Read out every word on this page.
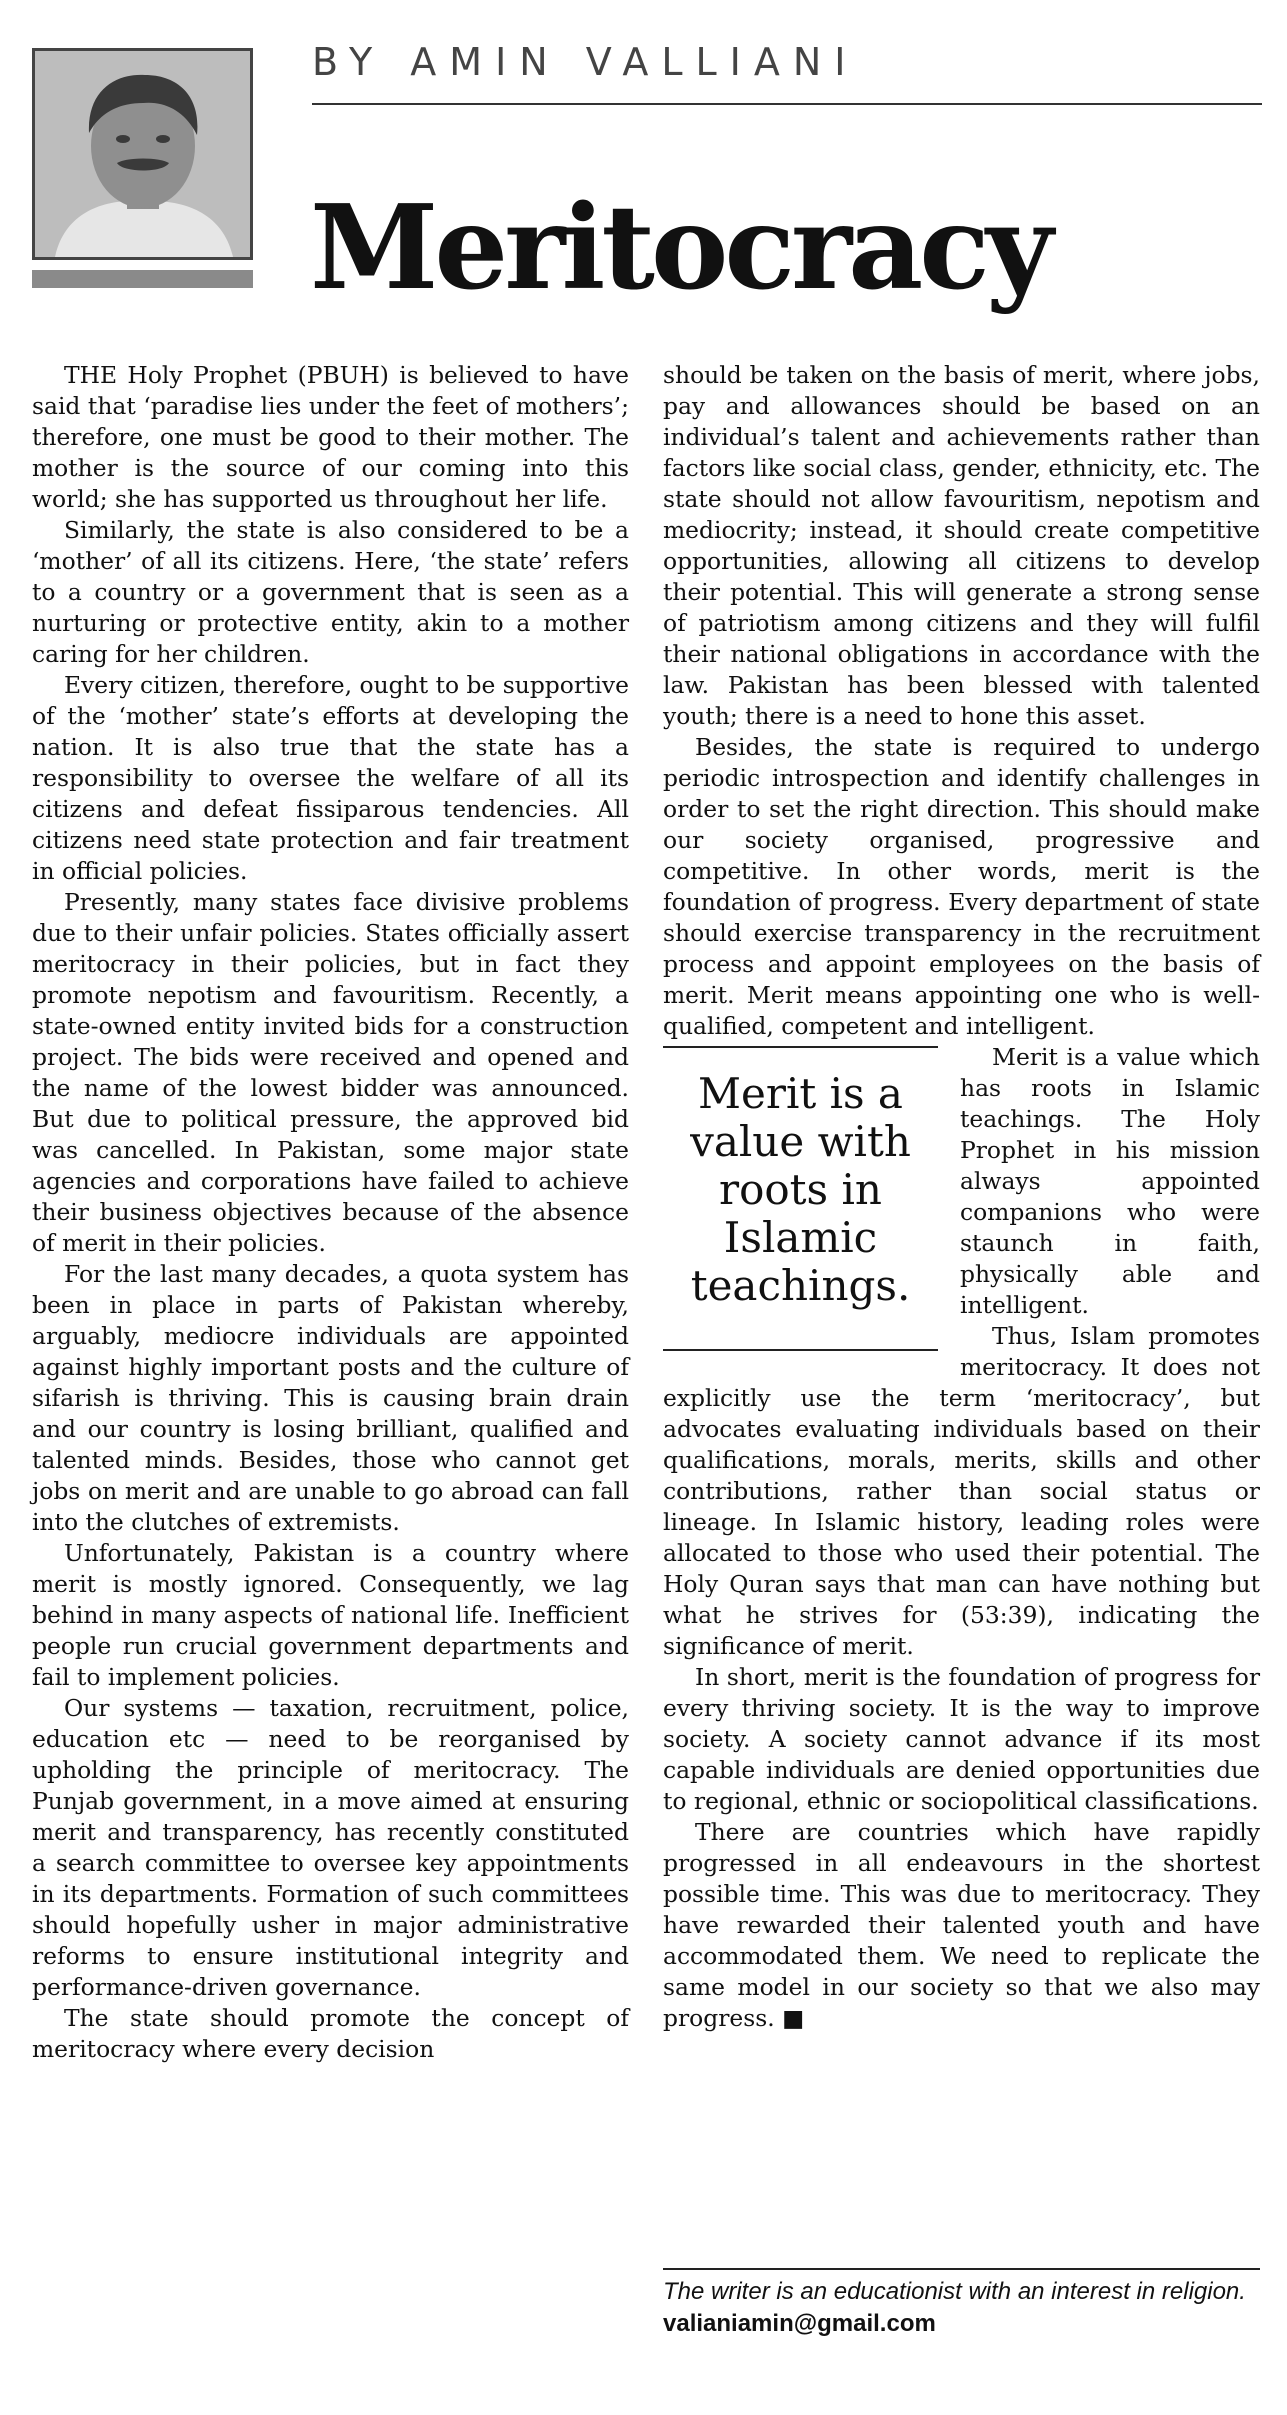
BY AMIN VALLIANI
Meritocracy

THE Holy Prophet (PBUH) is believed to have said that ‘paradise lies under the feet of mothers’; therefore, one must be good to their mother. The mother is the source of our coming into this world; she has supported us throughout her life.

Similarly, the state is also considered to be a ‘mother’ of all its citizens. Here, ‘the state’ refers to a country or a government that is seen as a nurturing or protective entity, akin to a mother caring for her children.

Every citizen, therefore, ought to be supportive of the ‘mother’ state’s efforts at developing the nation. It is also true that the state has a responsibility to oversee the welfare of all its citizens and defeat fissiparous tendencies. All citizens need state protection and fair treatment in official policies.

Presently, many states face divisive problems due to their unfair policies. States officially assert meritocracy in their policies, but in fact they promote nepotism and favouritism. Recently, a state-owned entity invited bids for a construction project. The bids were received and opened and the name of the lowest bidder was announced. But due to political pressure, the approved bid was cancelled. In Pakistan, some major state agencies and corporations have failed to achieve their business objectives because of the absence of merit in their policies.

For the last many decades, a quota system has been in place in parts of Pakistan whereby, arguably, mediocre individuals are appointed against highly important posts and the culture of sifarish is thriving. This is causing brain drain and our country is losing brilliant, qualified and talented minds. Besides, those who cannot get jobs on merit and are unable to go abroad can fall into the clutches of extremists.

Unfortunately, Pakistan is a country where merit is mostly ignored. Consequently, we lag behind in many aspects of national life. Inefficient people run crucial government departments and fail to implement policies.

Our systems — taxation, recruitment, police, education etc — need to be reorganised by upholding the principle of meritocracy. The Punjab government, in a move aimed at ensuring merit and transparency, has recently constituted a search committee to oversee key appointments in its departments. Formation of such committees should hopefully usher in major administrative reforms to ensure institutional integrity and performance-driven governance.

The state should promote the concept of meritocracy where every decision

should be taken on the basis of merit, where jobs, pay and allowances should be based on an individual’s talent and achievements rather than factors like social class, gender, ethnicity, etc. The state should not allow favouritism, nepotism and mediocrity; instead, it should create competitive opportunities, allowing all citizens to develop their potential. This will generate a strong sense of patriotism among citizens and they will fulfil their national obligations in accordance with the law. Pakistan has been blessed with talented youth; there is a need to hone this asset.

Besides, the state is required to undergo periodic introspection and identify challenges in order to set the right direction. This should make our society organised, progressive and competitive. In other words, merit is the foundation of progress. Every department of state should exercise transparency in the recruitment process and appoint employees on the basis of merit. Merit means appointing one who is well-qualified, competent and intelligent.

Merit is a value with roots in Islamic teachings.

Merit is a value which has roots in Islamic teachings. The Holy Prophet in his mission always appointed companions who were staunch in faith, physically able and intelligent.

Thus, Islam promotes meritocracy. It does not explicitly use the term ‘meritocracy’, but advocates evaluating individuals based on their qualifications, morals, merits, skills and other contributions, rather than social status or lineage. In Islamic history, leading roles were allocated to those who used their potential. The Holy Quran says that man can have nothing but what he strives for (53:39), indicating the significance of merit.

In short, merit is the foundation of progress for every thriving society. It is the way to improve society. A society cannot advance if its most capable individuals are denied opportunities due to regional, ethnic or sociopolitical classifications.

There are countries which have rapidly progressed in all endeavours in the shortest possible time. This was due to meritocracy. They have rewarded their talented youth and have accommodated them. We need to replicate the same model in our society so that we also may progress. ■

The writer is an educationist with an interest in religion.
valianiamin@gmail.com
